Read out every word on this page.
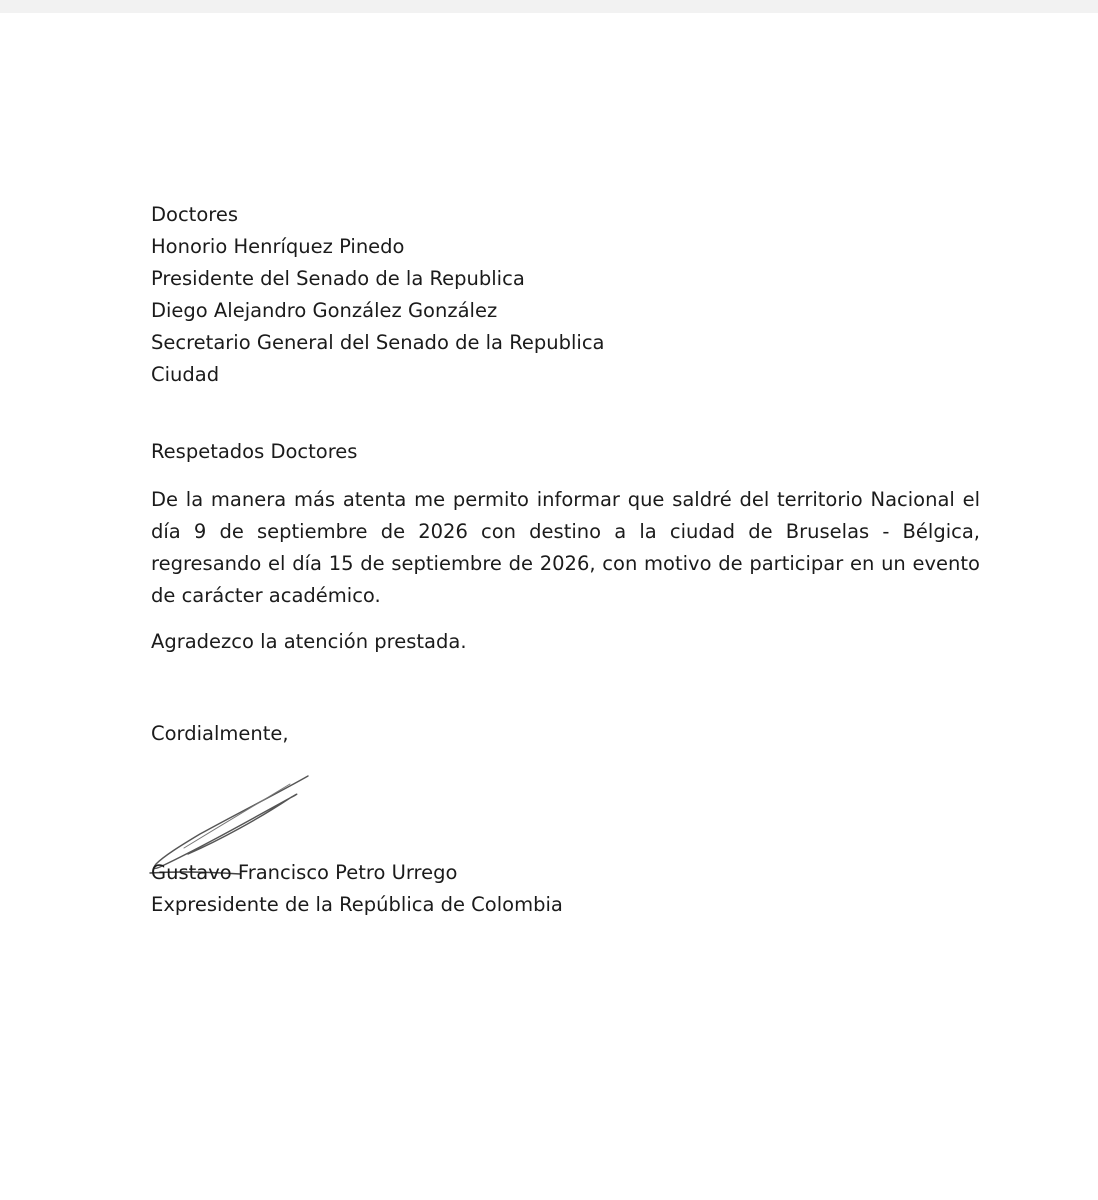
Doctores
Honorio Henríquez Pinedo
Presidente del Senado de la Republica
Diego Alejandro González González
Secretario General del Senado de la Republica
Ciudad
Respetados Doctores
De la manera más atenta me permito informar que saldré del territorio Nacional el día 9 de septiembre de 2026 con destino a la ciudad de Bruselas - Bélgica, regresando el día 15 de septiembre de 2026, con motivo de participar en un evento de carácter académico.
Agradezco la atención prestada.
Cordialmente,
Gustavo Francisco Petro Urrego
Expresidente de la República de Colombia
